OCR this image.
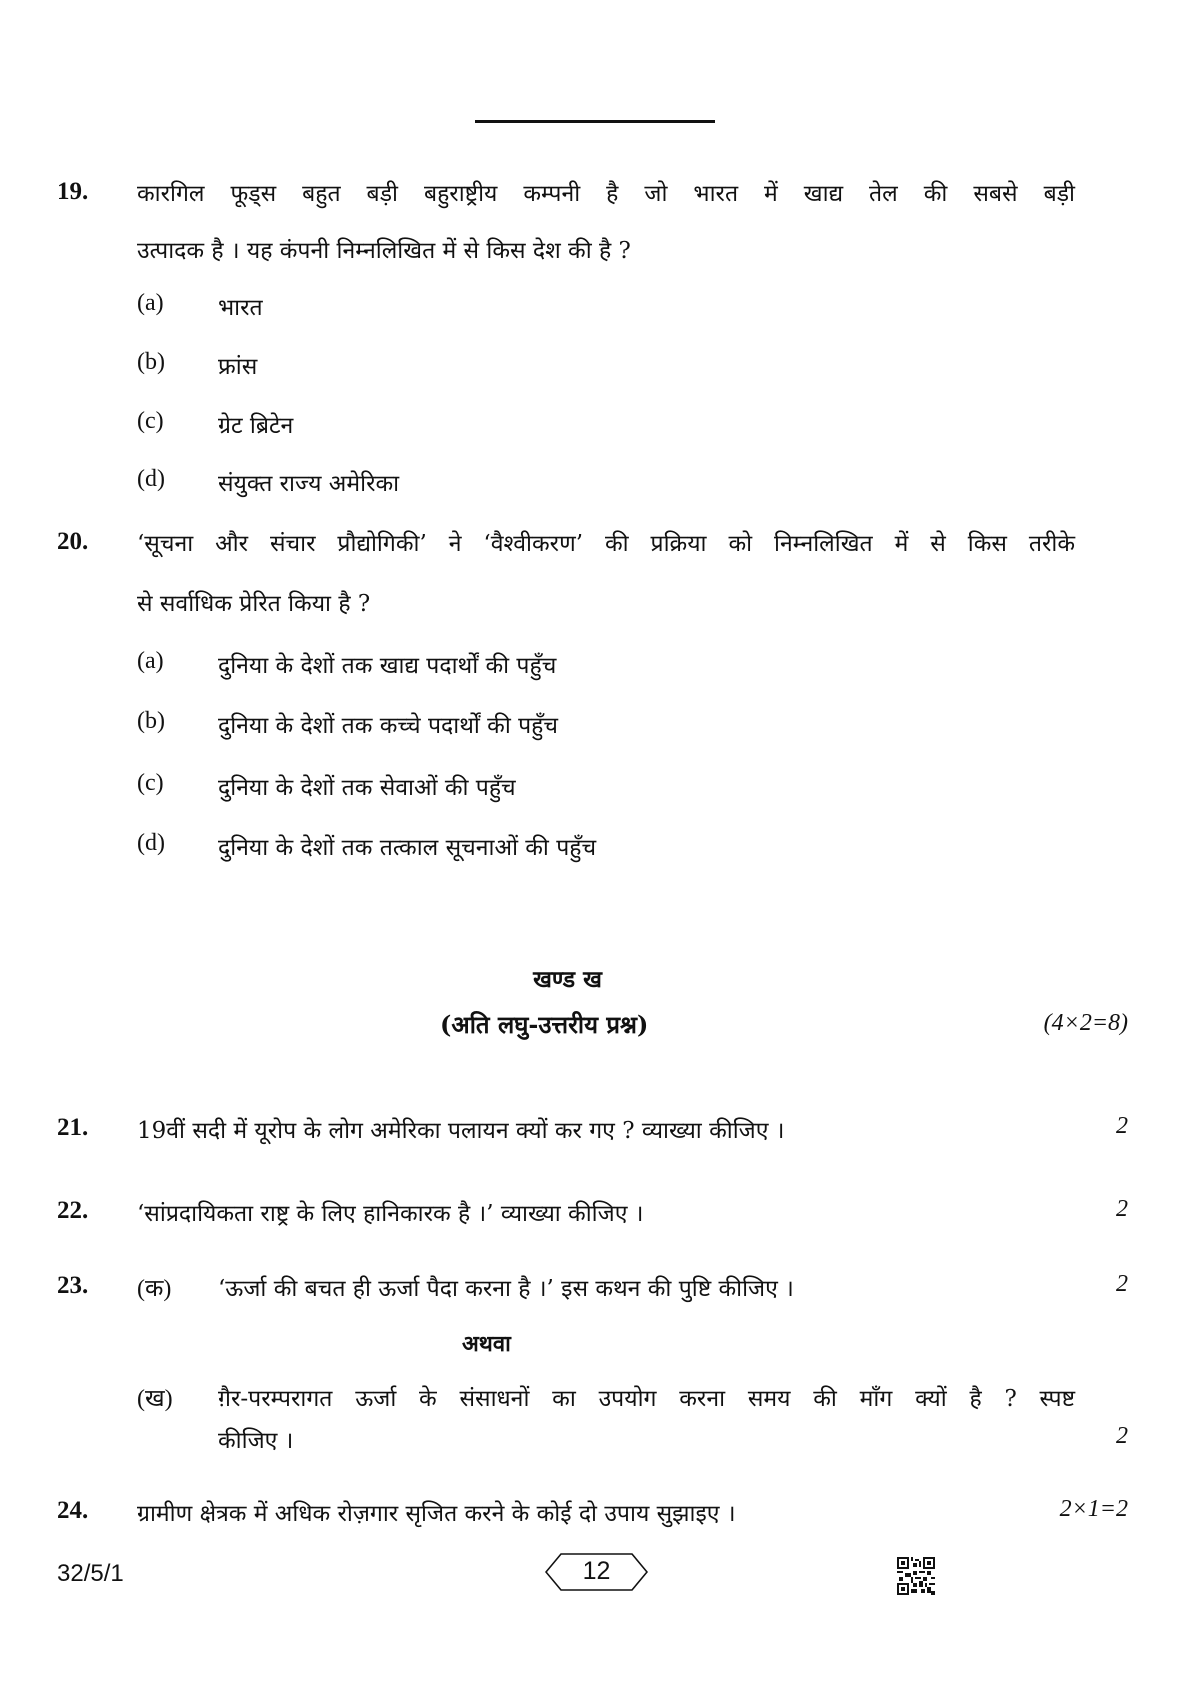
19. कारगिल फूड्स बहुत बड़ी बहुराष्ट्रीय कम्पनी है जो भारत में खाद्य तेल की सबसे बड़ी
उत्पादक है । यह कंपनी निम्नलिखित में से किस देश की है ?
(a) भारत
(b) फ्रांस
(c) ग्रेट ब्रिटेन
(d) संयुक्त राज्य अमेरिका
20. ‘सूचना और संचार प्रौद्योगिकी’ ने ‘वैश्वीकरण’ की प्रक्रिया को निम्नलिखित में से किस तरीके
से सर्वाधिक प्रेरित किया है ?
(a) दुनिया के देशों तक खाद्य पदार्थों की पहुँच
(b) दुनिया के देशों तक कच्चे पदार्थों की पहुँच
(c) दुनिया के देशों तक सेवाओं की पहुँच
(d) दुनिया के देशों तक तत्काल सूचनाओं की पहुँच
खण्ड ख
(अति लघु-उत्तरीय प्रश्न)	(4×2=8)
21. 19वीं सदी में यूरोप के लोग अमेरिका पलायन क्यों कर गए ? व्याख्या कीजिए ।	2
22. ‘सांप्रदायिकता राष्ट्र के लिए हानिकारक है ।’ व्याख्या कीजिए ।	2
23. (क) ‘ऊर्जा की बचत ही ऊर्जा पैदा करना है ।’ इस कथन की पुष्टि कीजिए ।	2
अथवा
(ख) ग़ैर-परम्परागत ऊर्जा के संसाधनों का उपयोग करना समय की माँग क्यों है ? स्पष्ट
कीजिए ।	2
24. ग्रामीण क्षेत्रक में अधिक रोज़गार सृजित करने के कोई दो उपाय सुझाइए ।	2×1=2
32/5/1	12
